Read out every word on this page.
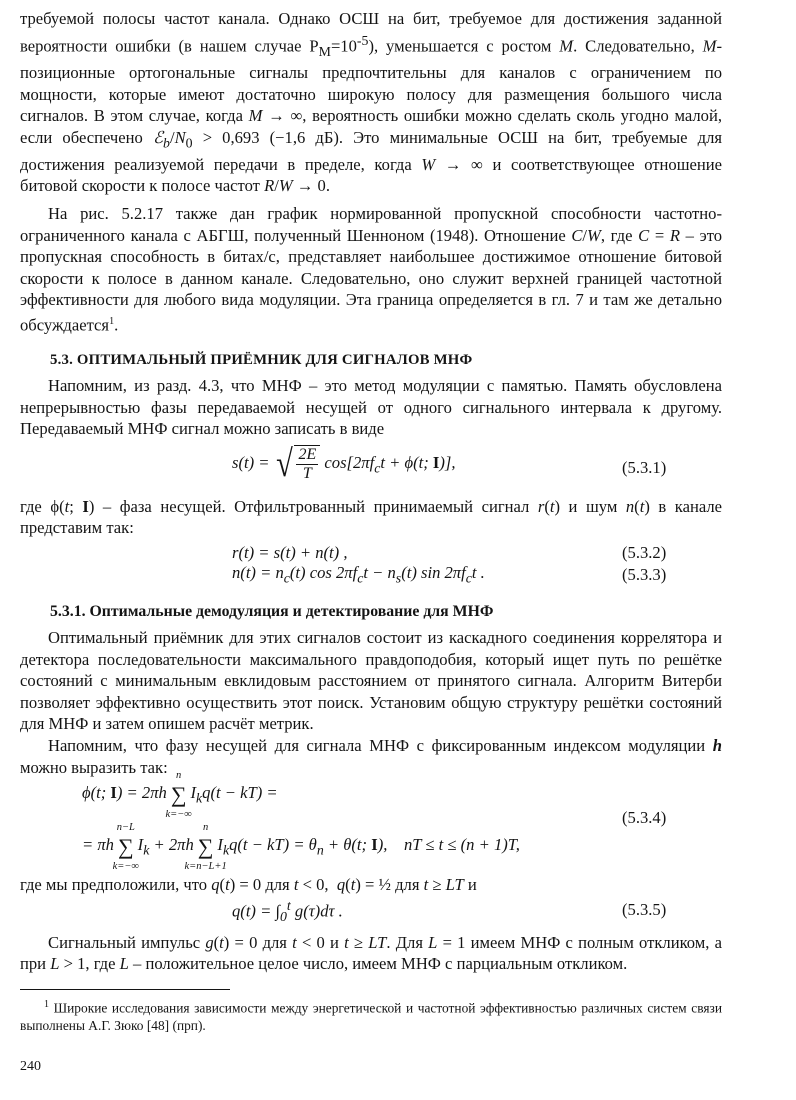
требуемой полосы частот канала. Однако ОСШ на бит, требуемое для достижения заданной вероятности ошибки (в нашем случае $P_M=10^{-5}$), уменьшается с ростом M. Следовательно, M-позиционные ортогональные сигналы предпочтительны для каналов с ограничением по мощности, которые имеют достаточно широкую полосу для размещения большого числа сигналов. В этом случае, когда M → ∞, вероятность ошибки можно сделать сколь угодно малой, если обеспечено $ℰ_b/N_0 > 0,693$ (−1,6 дБ). Это минимальные ОСШ на бит, требуемые для достижения реализуемой передачи в пределе, когда W → ∞ и соответствующее отношение битовой скорости к полосе частот R/W → 0.

На рис. 5.2.17 также дан график нормированной пропускной способности частотно-ограниченного канала с АБГШ, полученный Шенноном (1948). Отношение C/W, где C = R – это пропускная способность в битах/с, представляет наибольшее достижимое отношение битовой скорости к полосе в данном канале. Следовательно, оно служит верхней границей частотной эффективности для любого вида модуляции. Эта граница определяется в гл. 7 и там же детально обсуждается$^1$.

5.3. ОПТИМАЛЬНЫЙ ПРИЁМНИК ДЛЯ СИГНАЛОВ МНФ

Напомним, из разд. 4.3, что МНФ – это метод модуляции с памятью. Память обусловлена непрерывностью фазы передаваемой несущей от одного сигнального интервала к другому. Передаваемый МНФ сигнал можно записать в виде

s(t) = √ $\frac{2E}{T} \cos[2\pi f_ct + \phi(t$; I)],	(5.3.1)

где ϕ(t; I) – фаза несущей. Отфильтрованный принимаемый сигнал r(t) и шум n(t) в канале представим так:

r(t) = s(t) + n(t) ,	(5.3.2)
$n(t) = n_c(t)$ $\cos 2\pi f_ct - n_s(t)$ $\sin 2\pi f_ct$ .	(5.3.3)
5.3.1. Оптимальные демодуляция и детектирование для МНФ

Оптимальный приёмник для этих сигналов состоит из каскадного соединения коррелятора и детектора последовательности максимального правдоподобия, который ищет путь по решётке состояний с минимальным евклидовым расстоянием от принятого сигнала. Алгоритм Витерби позволяет эффективно осуществить этот поиск. Установим общую структуру решётки состояний для МНФ и затем опишем расчёт метрик.

Напомним, что фазу несущей для сигнала МНФ с фиксированным индексом модуляции h можно выразить так:

ϕ(t; I) = 2πh ∑
n
k=−∞
$I_kq(t - kT)$ =
= πh ∑
n−L
k=−∞
$I_k + 2\pi h$ ∑
n
k=n−L+1
$I_kq(t - kT) = \theta_n + \theta(t$; I),    nT ≤ t ≤ (n + 1)T,
(5.3.4)

где мы предположили, что q(t) = 0 для t < 0,  q(t) = ½ для t ≥ LT и

$q(t) = \int_0^t$ g(τ)dτ .	(5.3.5)

Сигнальный импульс g(t) = 0 для t < 0 и t ≥ LT. Для L = 1 имеем МНФ с полным откликом, а при L > 1, где L – положительное целое число, имеем МНФ с парциальным откликом.

$^1$ Широкие исследования зависимости между энергетической и частотной эффективностью различных систем связи выполнены А.Г. Зюко [48] (прп).

240
